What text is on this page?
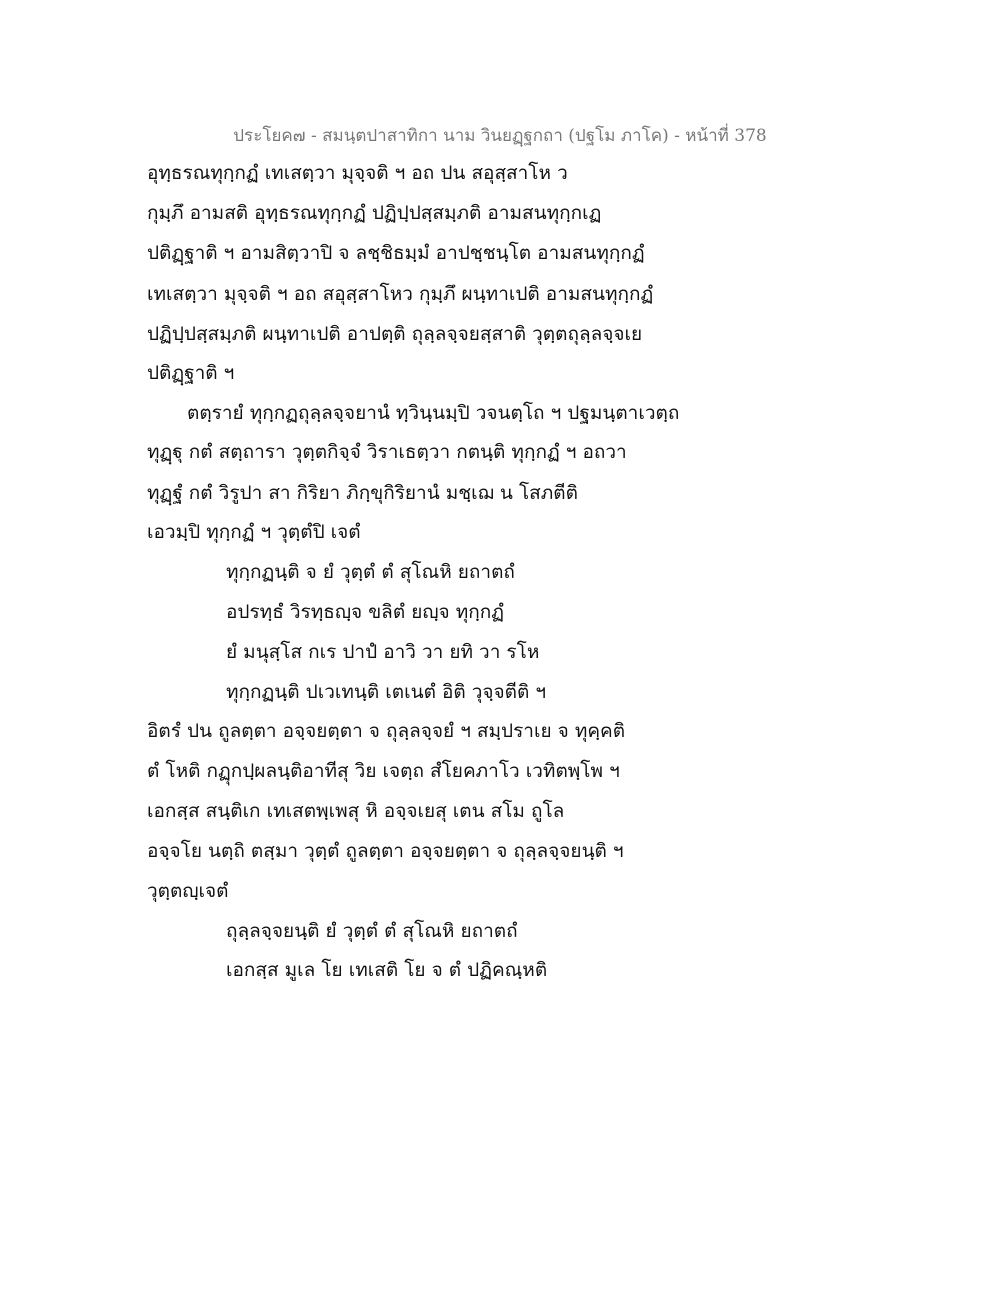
ประโยค๗ - สมนฺตปาสาทิกา นาม วินยฏฺฐกถา (ปฐโม ภาโค) - หน้าที่ 378
อุทฺธรณทุกฺกฏํ เทเสตฺวา มุจฺจติ ฯ อถ ปน สอุสฺสาโห ว
กุมฺภึ อามสติ อุทฺธรณทุกฺกฏํ ปฏิปฺปสฺสมฺภติ อามสนทุกฺกเฏ
ปติฏฺฐาติ ฯ อามสิตฺวาปิ จ ลชฺชิธมฺมํ อาปชฺชนฺโต อามสนทุกฺกฏํ
เทเสตฺวา มุจฺจติ ฯ อถ สอุสฺสาโหว กุมฺภึ ผนฺทาเปติ อามสนทุกฺกฏํ
ปฏิปฺปสฺสมฺภติ ผนฺทาเปติ อาปตฺติ ถุลฺลจฺจยสฺสาติ วุตฺตถุลฺลจฺจเย
ปติฏฺฐาติ ฯ
ตตฺรายํ ทุกฺกฏถุลฺลจฺจยานํ ทฺวินฺนมฺปิ วจนตฺโถ ฯ ปฐมนฺตาเวตฺถ
ทุฏฺฐุ กตํ สตฺถารา วุตฺตกิจฺจํ วิราเธตฺวา กตนฺติ ทุกฺกฏํ ฯ อถวา
ทุฏฺฐํ กตํ วิรูปา สา กิริยา ภิกฺขุกิริยานํ มชฺเฌ น โสภตีติ
เอวมฺปิ ทุกฺกฏํ ฯ วุตฺตํปิ เจตํ
ทุกฺกฏนฺติ จ ยํ วุตฺตํ ตํ สุโณหิ ยถาตถํ
อปรทฺธํ วิรทฺธญฺจ ขลิตํ ยญฺจ ทุกฺกฏํ
ยํ มนุสฺโส กเร ปาปํ อาวิ วา ยทิ วา รโห
ทุกฺกฏนฺติ ปเวเทนฺติ เตเนตํ อิติ วุจฺจตีติ ฯ
อิตรํ ปน ถูลตฺตา อจฺจยตฺตา จ ถุลฺลจฺจยํ ฯ สมฺปราเย จ ทุคฺคติ
ตํ โหติ กฏุกปฺผลนฺติอาทีสุ วิย เจตฺถ สํโยคภาโว เวทิตพฺโพ ฯ
เอกสฺส สนฺติเก เทเสตพฺเพสุ หิ อจฺจเยสุ เตน สโม ถูโล
อจฺจโย นตฺถิ ตสฺมา วุตฺตํ ถูลตฺตา อจฺจยตฺตา จ ถุลฺลจฺจยนฺติ ฯ
วุตฺตญฺเจตํ
ถุลฺลจฺจยนฺติ ยํ วุตฺตํ ตํ สุโณหิ ยถาตถํ
เอกสฺส มูเล โย เทเสติ โย จ ตํ ปฏิคณฺหติ
